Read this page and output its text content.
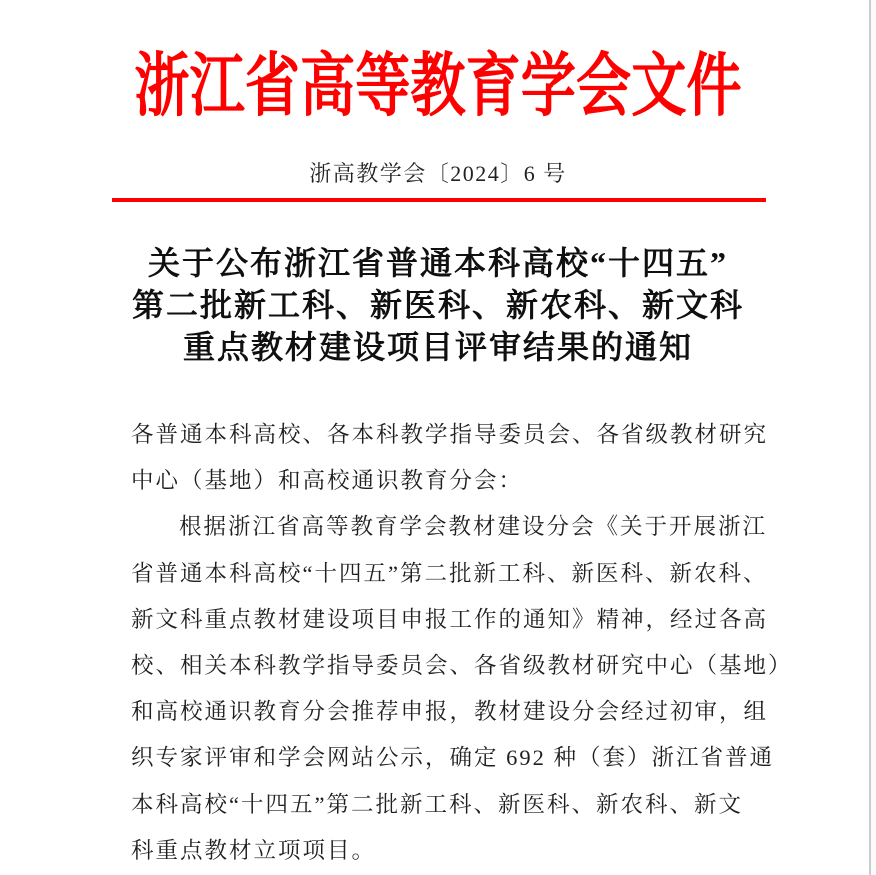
浙江省高等教育学会文件
浙高教学会〔2024〕6 号
关于公布浙江省普通本科高校“十四五”
第二批新工科、新医科、新农科、新文科
重点教材建设项目评审结果的通知
各普通本科高校、各本科教学指导委员会、各省级教材研究
中心（基地）和高校通识教育分会：
根据浙江省高等教育学会教材建设分会《关于开展浙江
省普通本科高校“十四五”第二批新工科、新医科、新农科、
新文科重点教材建设项目申报工作的通知》精神，经过各高
校、相关本科教学指导委员会、各省级教材研究中心（基地）
和高校通识教育分会推荐申报，教材建设分会经过初审，组
织专家评审和学会网站公示，确定 692 种（套）浙江省普通
本科高校“十四五”第二批新工科、新医科、新农科、新文
科重点教材立项项目。
